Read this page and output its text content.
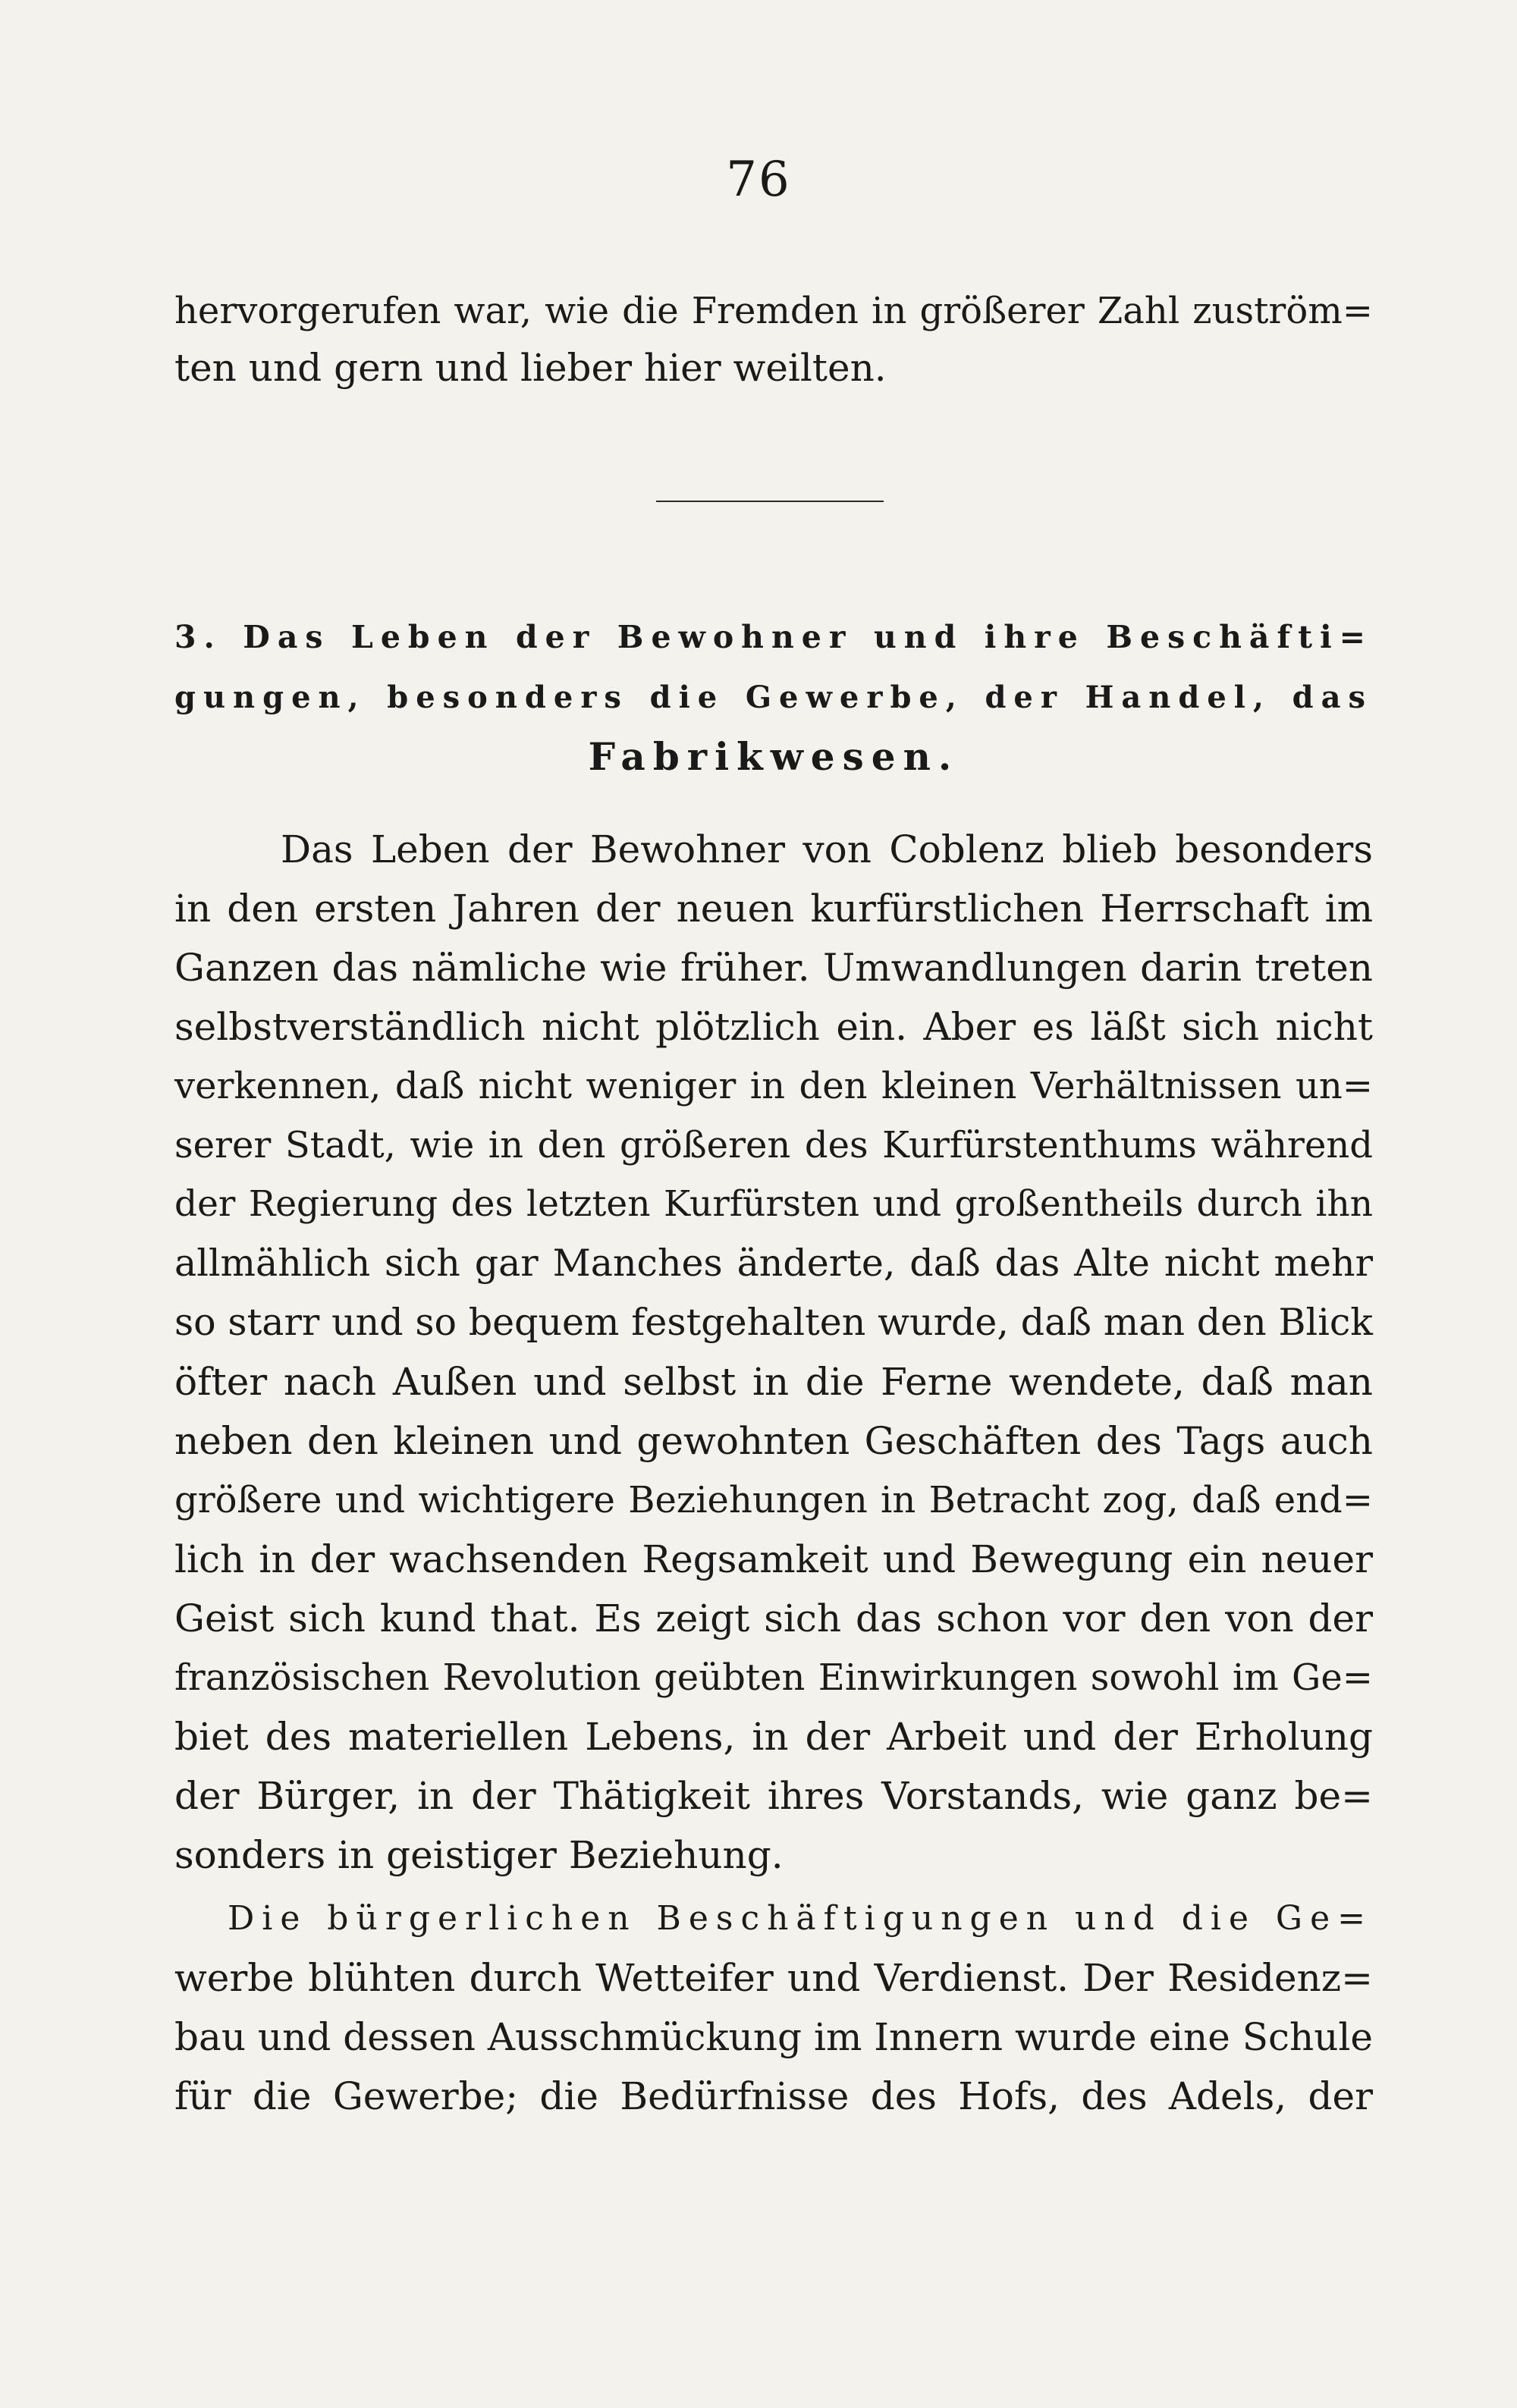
76
hervorgerufen war, wie die Fremden in größerer Zahl zuström=
ten und gern und lieber hier weilten.
3. Das Leben der Bewohner und ihre Beschäfti=
gungen, besonders die Gewerbe, der Handel, das
Fabrikwesen.
Das Leben der Bewohner von Coblenz blieb besonders
in den ersten Jahren der neuen kurfürstlichen Herrschaft im
Ganzen das nämliche wie früher. Umwandlungen darin treten
selbstverständlich nicht plötzlich ein. Aber es läßt sich nicht
verkennen, daß nicht weniger in den kleinen Verhältnissen un=
serer Stadt, wie in den größeren des Kurfürstenthums während
der Regierung des letzten Kurfürsten und großentheils durch ihn
allmählich sich gar Manches änderte, daß das Alte nicht mehr
so starr und so bequem festgehalten wurde, daß man den Blick
öfter nach Außen und selbst in die Ferne wendete, daß man
neben den kleinen und gewohnten Geschäften des Tags auch
größere und wichtigere Beziehungen in Betracht zog, daß end=
lich in der wachsenden Regsamkeit und Bewegung ein neuer
Geist sich kund that. Es zeigt sich das schon vor den von der
französischen Revolution geübten Einwirkungen sowohl im Ge=
biet des materiellen Lebens, in der Arbeit und der Erholung
der Bürger, in der Thätigkeit ihres Vorstands, wie ganz be=
sonders in geistiger Beziehung.
Die bürgerlichen Beschäftigungen und die Ge=
werbe blühten durch Wetteifer und Verdienst. Der Residenz=
bau und dessen Ausschmückung im Innern wurde eine Schule
für die Gewerbe; die Bedürfnisse des Hofs, des Adels, der
